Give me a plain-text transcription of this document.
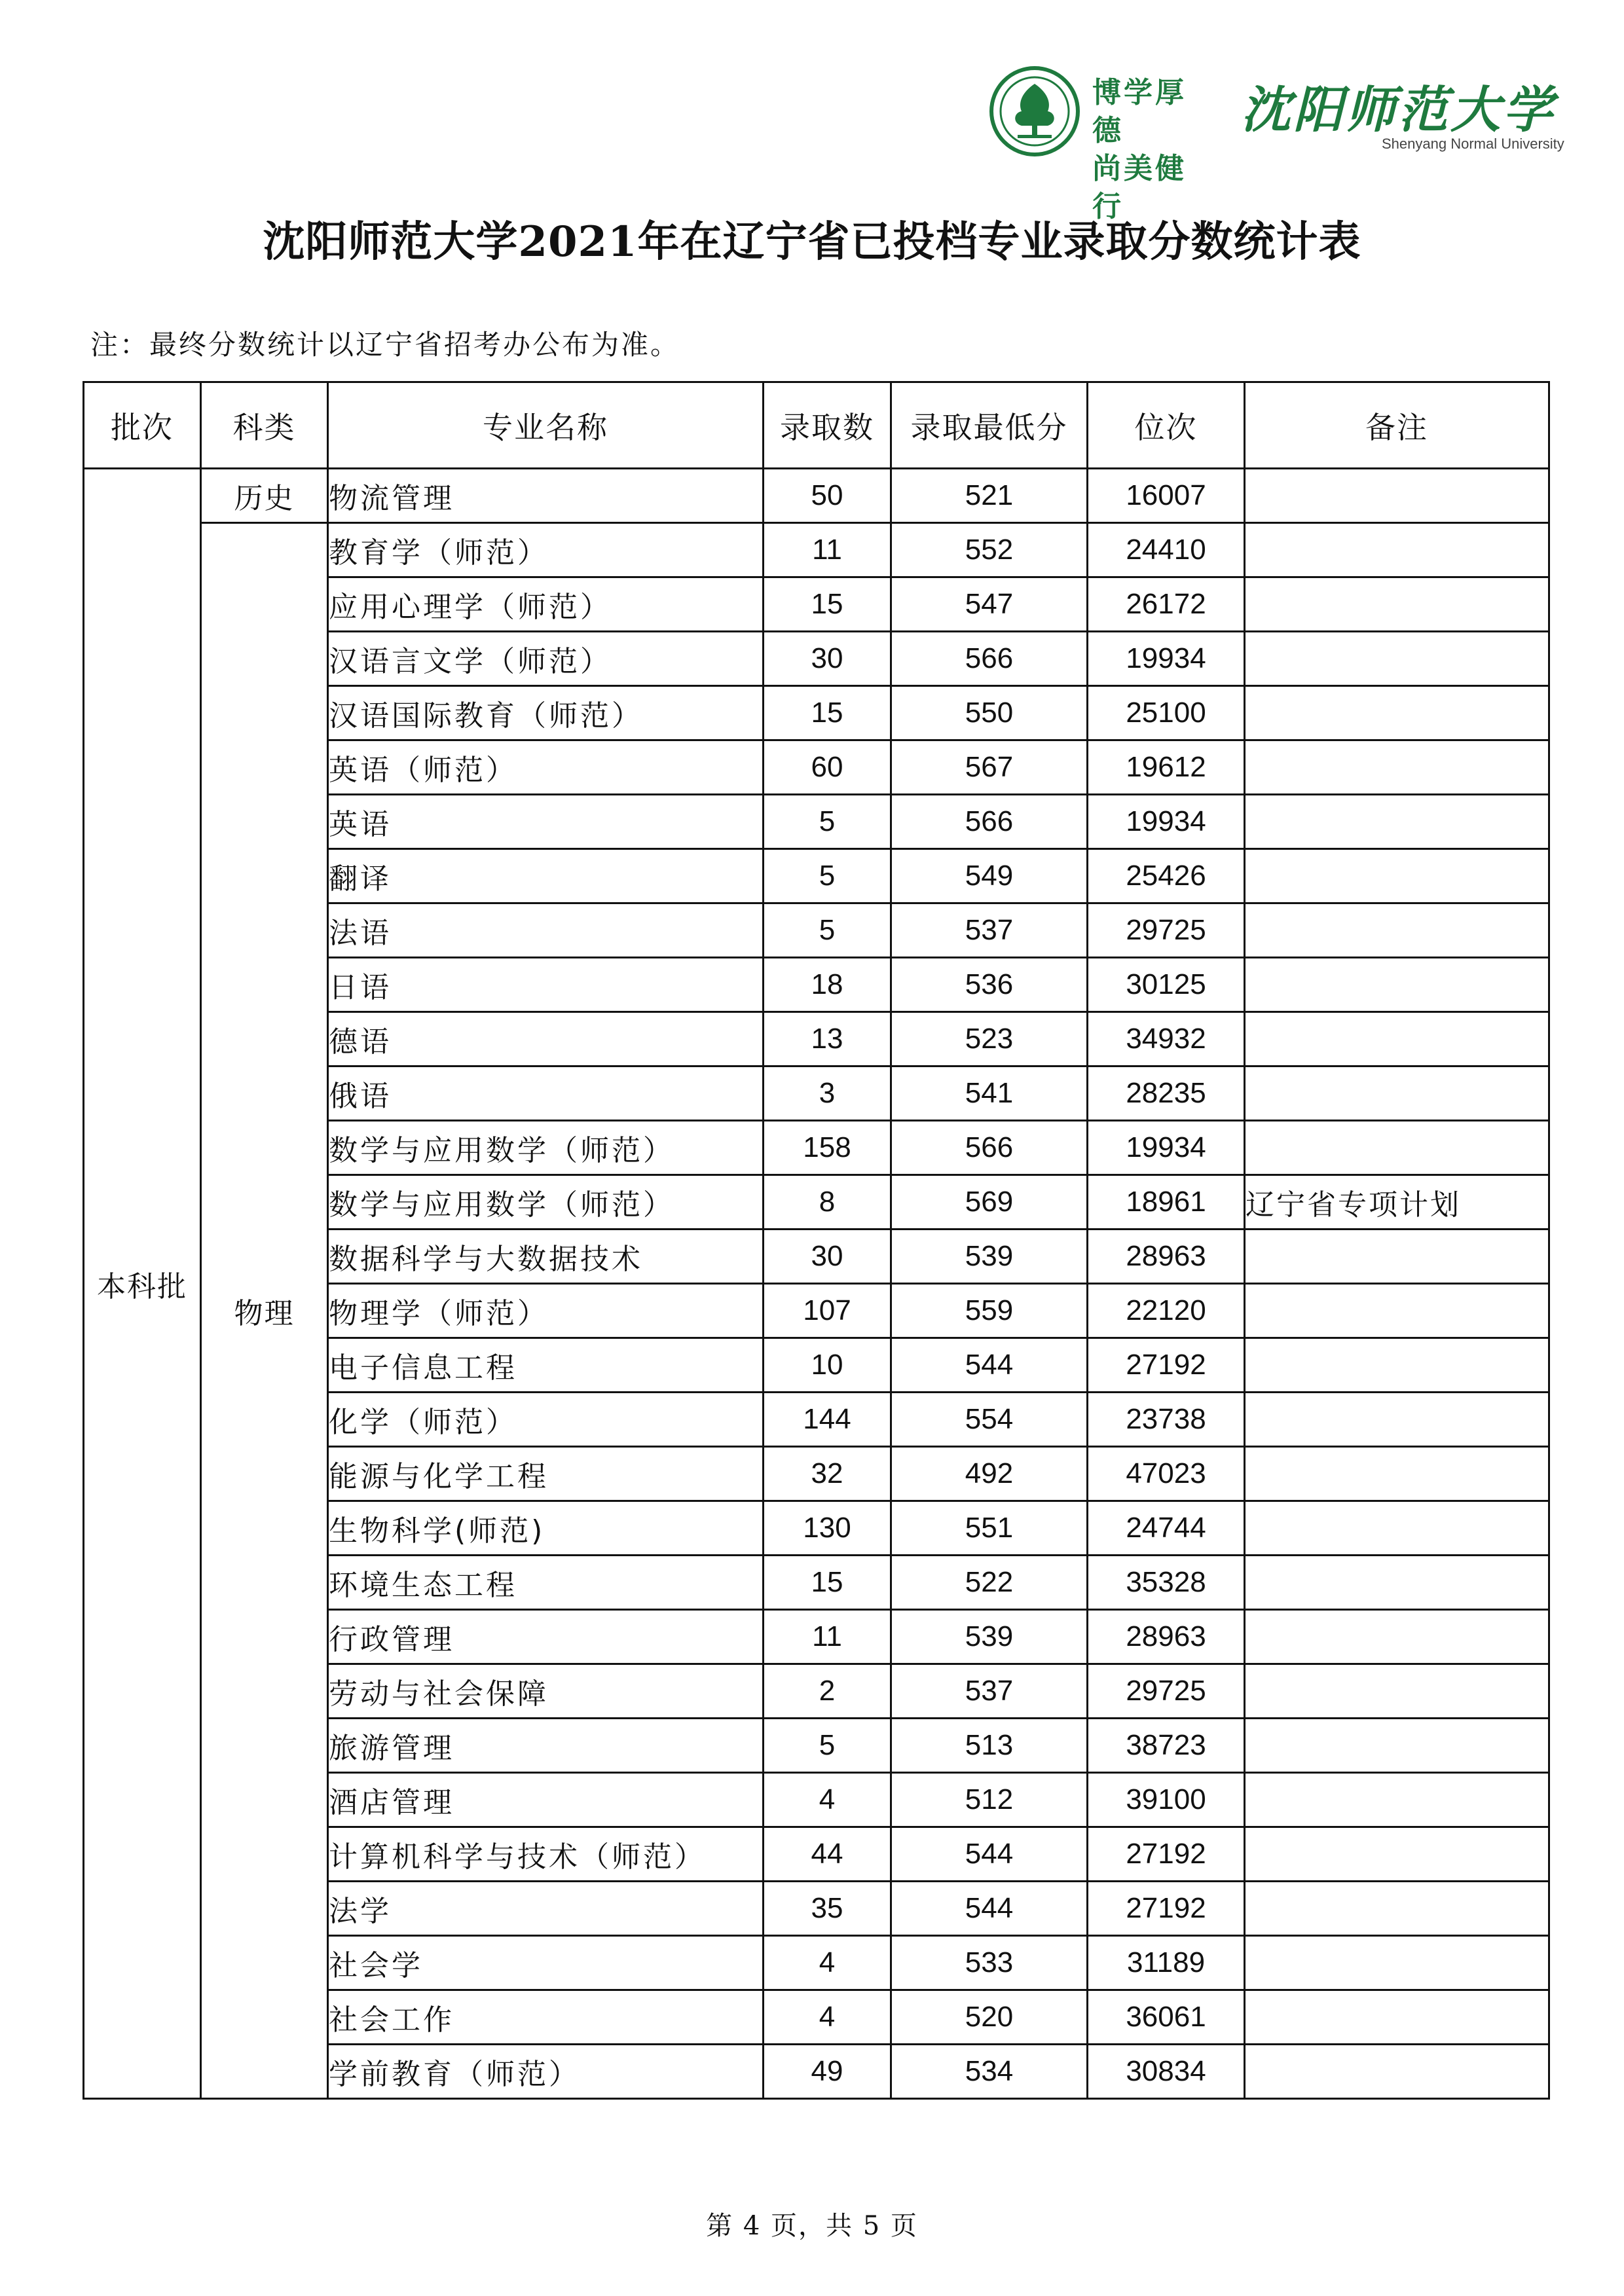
博学厚德
尚美健行
沈阳师范大学
Shenyang Normal University
沈阳师范大学2021年在辽宁省已投档专业录取分数统计表
注：最终分数统计以辽宁省招考办公布为准。
批次	科类	专业名称	录取数	录取最低分	位次	备注
本科批	历史	物流管理	50	521	16007	
	物理	教育学（师范）	11	552	24410	
		应用心理学（师范）	15	547	26172	
		汉语言文学（师范）	30	566	19934	
		汉语国际教育（师范）	15	550	25100	
		英语（师范）	60	567	19612	
		英语	5	566	19934	
		翻译	5	549	25426	
		法语	5	537	29725	
		日语	18	536	30125	
		德语	13	523	34932	
		俄语	3	541	28235	
		数学与应用数学（师范）	158	566	19934	
		数学与应用数学（师范）	8	569	18961	辽宁省专项计划
		数据科学与大数据技术	30	539	28963	
		物理学（师范）	107	559	22120	
		电子信息工程	10	544	27192	
		化学（师范）	144	554	23738	
		能源与化学工程	32	492	47023	
		生物科学(师范)	130	551	24744	
		环境生态工程	15	522	35328	
		行政管理	11	539	28963	
		劳动与社会保障	2	537	29725	
		旅游管理	5	513	38723	
		酒店管理	4	512	39100	
		计算机科学与技术（师范）	44	544	27192	
		法学	35	544	27192	
		社会学	4	533	31189	
		社会工作	4	520	36061	
		学前教育（师范）	49	534	30834	
第 4 页，共 5 页
